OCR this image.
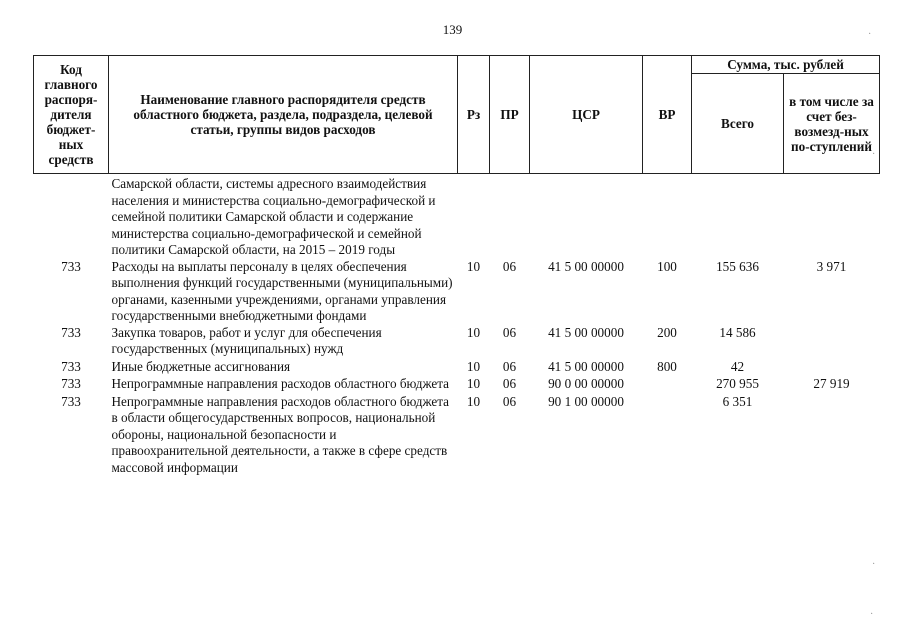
139
Код главного распоря-дителя бюджет-ных средств	Наименование главного распорядителя средств областного бюджета, раздела, подраздела, целевой статьи, группы видов расходов	Рз	ПР	ЦСР	ВР	Сумма, тыс. рублей	
						Всего	в том числе за счет без-возмезд-ных по-ступлений
	Самарской области, системы адресного взаимодействия населения и министерства социально-демографической и семейной политики Самарской области и содержание министерства социально-демографической и семейной политики Самарской области, на 2015 – 2019 годы						
733	Расходы на выплаты персоналу в целях обеспечения выполнения функций государственными (муниципальными) органами, казенными учреждениями, органами управления государственными внебюджетными фондами	10	06	41 5 00 00000	100	155 636	3 971
733	Закупка товаров, работ и услуг для обеспечения государственных (муниципальных) нужд	10	06	41 5 00 00000	200	14 586	
733	Иные бюджетные ассигнования	10	06	41 5 00 00000	800	42	
733	Непрограммные направления расходов областного бюджета	10	06	90 0 00 00000		270 955	27 919
733	Непрограммные направления расходов областного бюджета в области общегосударственных вопросов, национальной обороны, национальной безопасности и правоохранительной деятельности, а также в сфере средств массовой информации	10	06	90 1 00 00000		6 351	
·
·
·
·
